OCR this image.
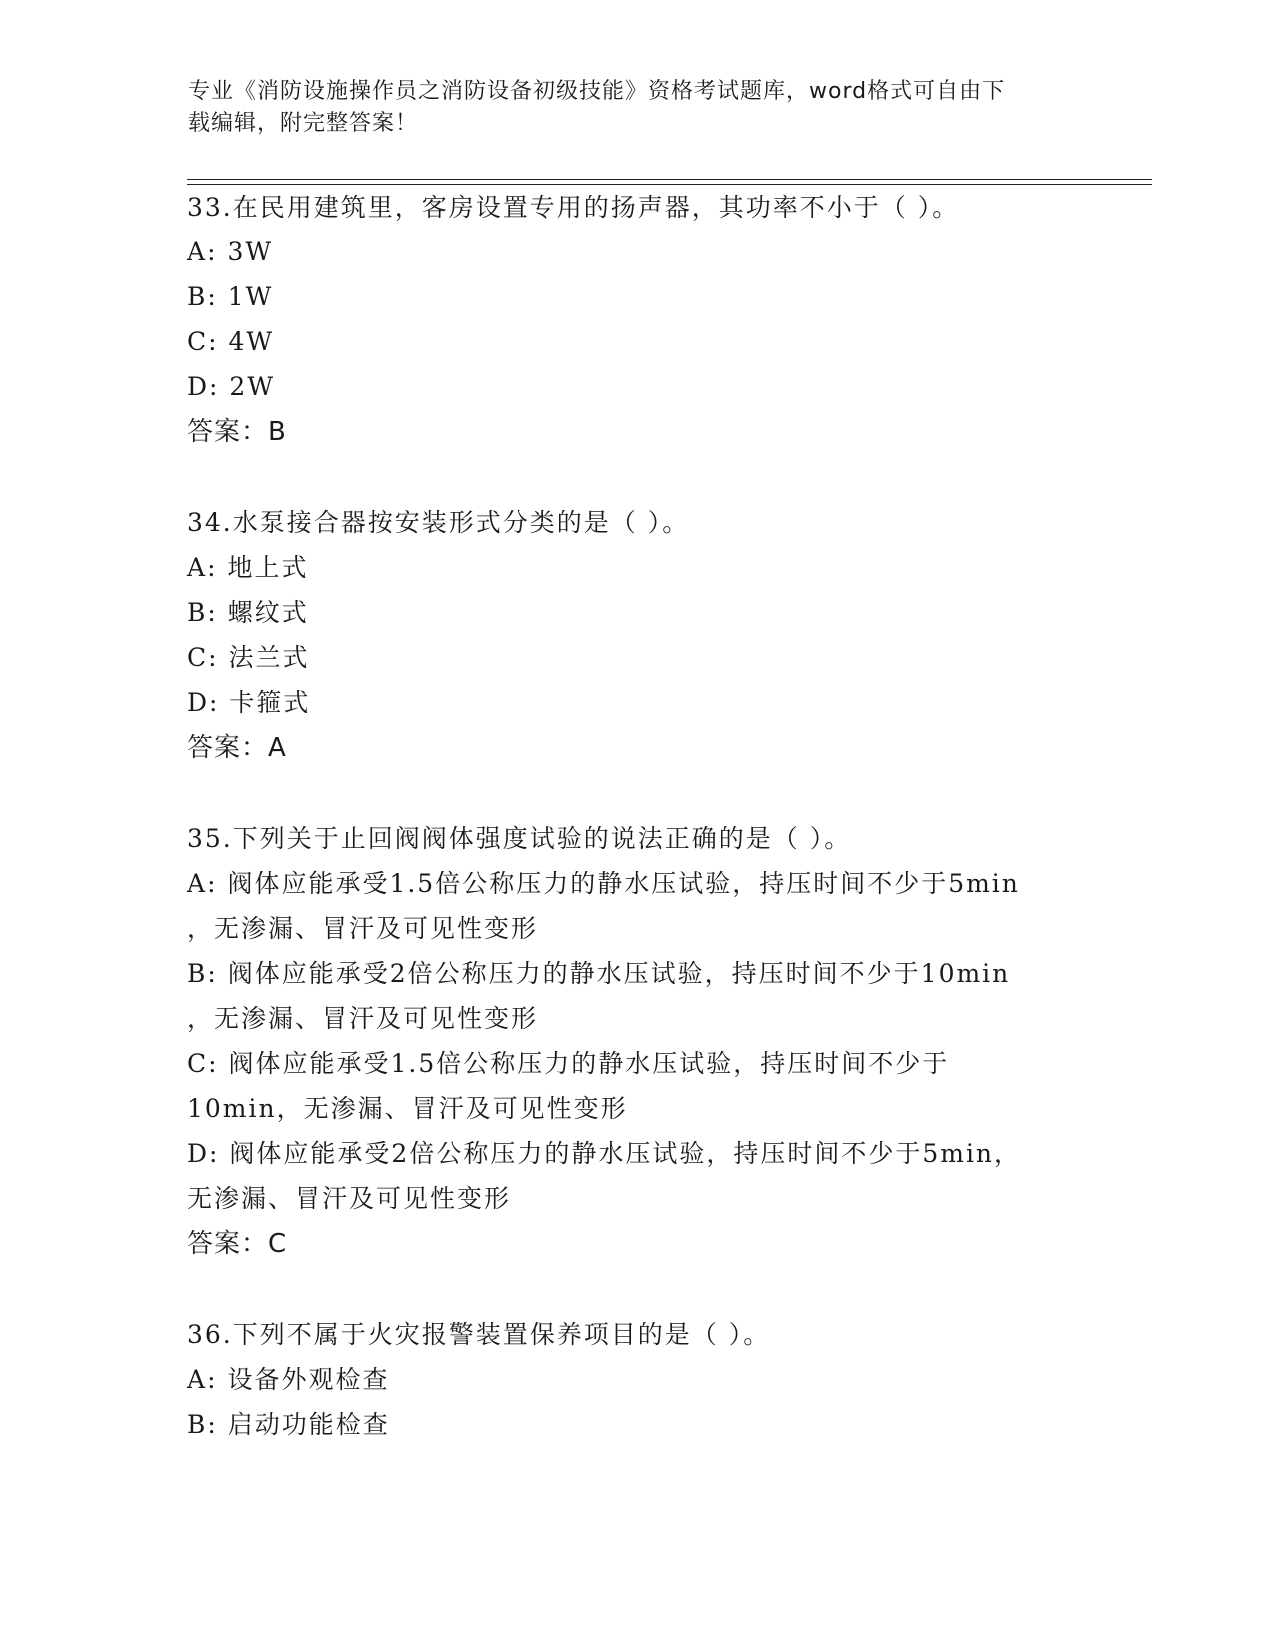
专业《消防设施操作员之消防设备初级技能》资格考试题库，word格式可自由下
载编辑，附完整答案！

33.在民用建筑里，客房设置专用的扬声器，其功率不小于（ ）。

A: 3W
B: 1W
C: 4W
D: 2W
答案：B

34.水泵接合器按安装形式分类的是（ ）。

A: 地上式
B: 螺纹式
C: 法兰式
D: 卡箍式
答案：A

35.下列关于止回阀阀体强度试验的说法正确的是（ ）。

A: 阀体应能承受1.5倍公称压力的静水压试验，持压时间不少于5min
，无渗漏、冒汗及可见性变形
B: 阀体应能承受2倍公称压力的静水压试验，持压时间不少于10min
，无渗漏、冒汗及可见性变形
C: 阀体应能承受1.5倍公称压力的静水压试验，持压时间不少于
10min，无渗漏、冒汗及可见性变形
D: 阀体应能承受2倍公称压力的静水压试验，持压时间不少于5min，
无渗漏、冒汗及可见性变形
答案：C

36.下列不属于火灾报警装置保养项目的是（ ）。

A: 设备外观检查
B: 启动功能检查
